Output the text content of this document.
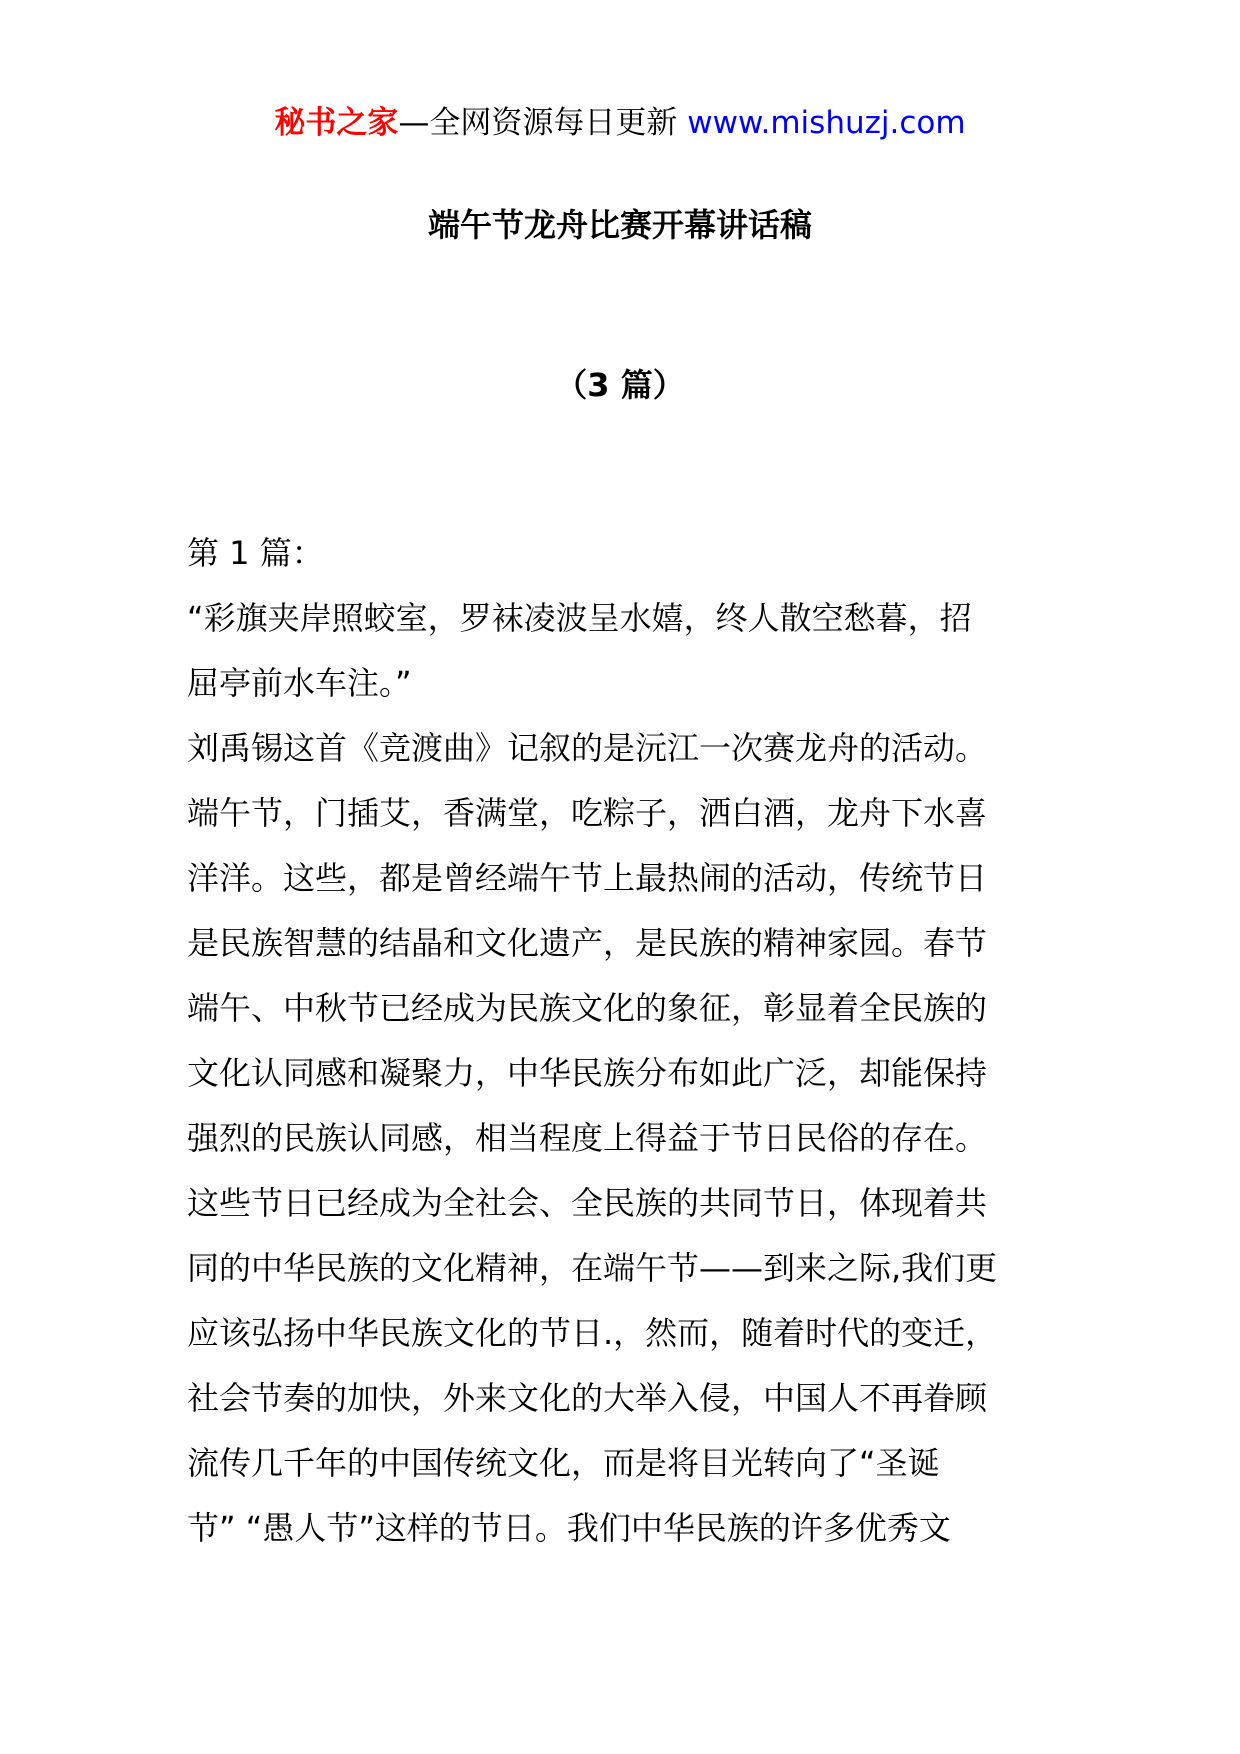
秘书之家—全网资源每日更新 www.mishuzj.com
端午节龙舟比赛开幕讲话稿
（3 篇）
第 1 篇：
“彩旗夹岸照蛟室，罗袜凌波呈水嬉，终人散空愁暮，招
屈亭前水车注。”
刘禹锡这首《竞渡曲》记叙的是沅江一次赛龙舟的活动。
端午节，门插艾，香满堂，吃粽子，洒白酒，龙舟下水喜
洋洋。这些，都是曾经端午节上最热闹的活动，传统节日
是民族智慧的结晶和文化遗产，是民族的精神家园。春节
端午、中秋节已经成为民族文化的象征，彰显着全民族的
文化认同感和凝聚力，中华民族分布如此广泛，却能保持
强烈的民族认同感，相当程度上得益于节日民俗的存在。
这些节日已经成为全社会、全民族的共同节日，体现着共
同的中华民族的文化精神，在端午节——到来之际,我们更
应该弘扬中华民族文化的节日.，然而，随着时代的变迁，
社会节奏的加快，外来文化的大举入侵，中国人不再眷顾
流传几千年的中国传统文化，而是将目光转向了“圣诞
节” “愚人节”这样的节日。我们中华民族的许多优秀文
